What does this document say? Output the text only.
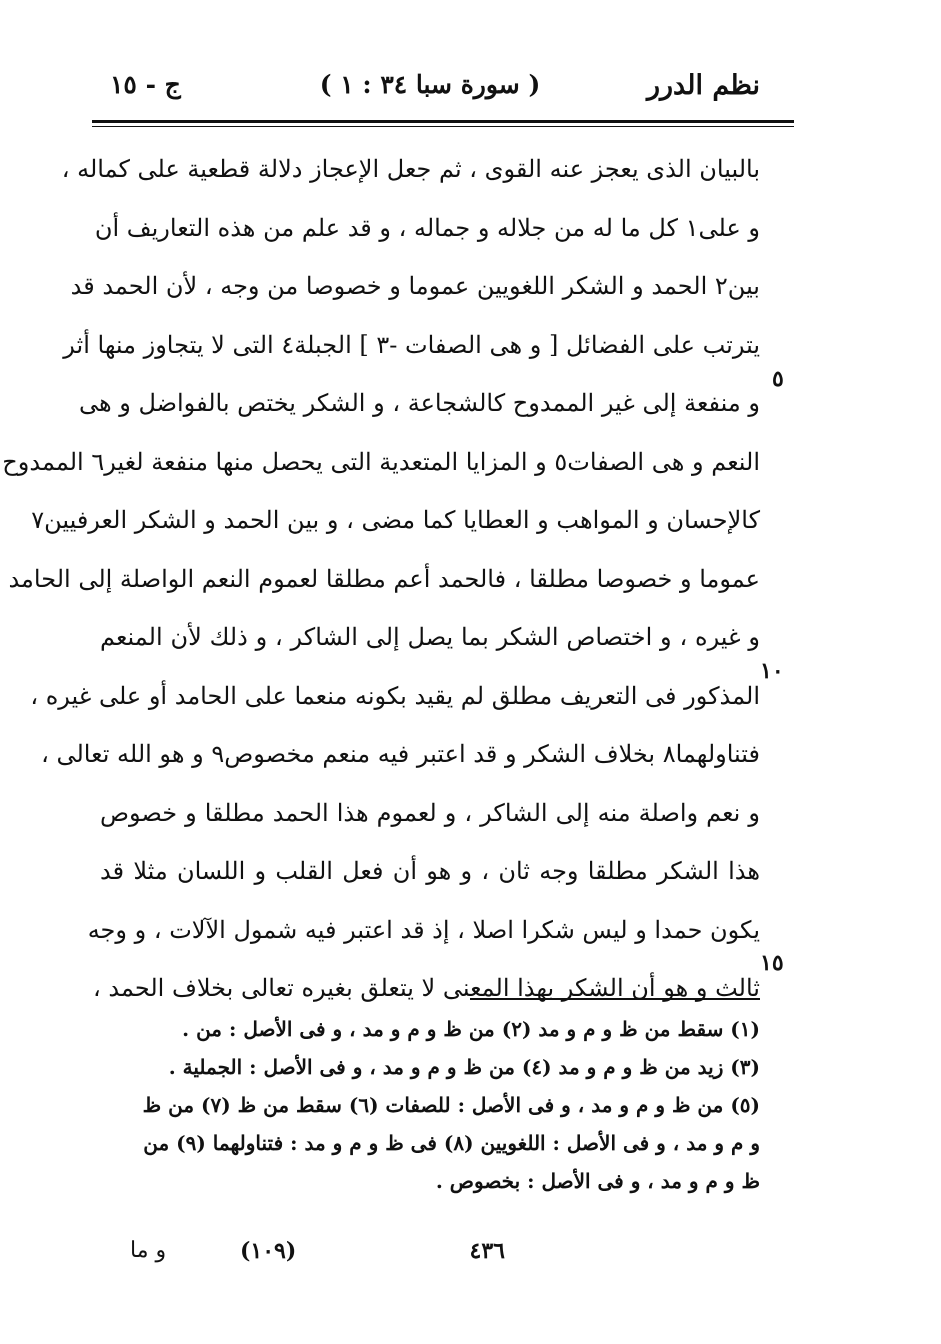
نظم الدرر
( سورة سبا ٣٤ : ١ )
ج - ١٥
٥
١٠
١٥
بالبيان الذى يعجز عنه القوى ، ثم جعل الإعجاز دلالة قطعية على كماله ،
و على١ كل ما له من جلاله و جماله ، و قد علم من هذه التعاريف أن
بين٢ الحمد و الشكر اللغويين عموما و خصوصا من وجه ، لأن الحمد قد
يترتب على الفضائل [ و هى الصفات -٣ ] الجبلة٤ التى لا يتجاوز منها أثر
و منفعة إلى غير الممدوح كالشجاعة ، و الشكر يختص بالفواضل و هى
النعم و هى الصفات٥ و المزايا المتعدية التى يحصل منها منفعة لغير٦ الممدوح
كالإحسان و المواهب و العطايا كما مضى ، و بين الحمد و الشكر العرفيين٧
عموما و خصوصا مطلقا ، فالحمد أعم مطلقا لعموم النعم الواصلة إلى الحامد
و غيره ، و اختصاص الشكر بما يصل إلى الشاكر ، و ذلك لأن المنعم
المذكور فى التعريف مطلق لم يقيد بكونه منعما على الحامد أو على غيره ،
فتناولهما٨ بخلاف الشكر و قد اعتبر فيه منعم مخصوص٩ و هو الله تعالى ،
و نعم واصلة منه إلى الشاكر ، و لعموم هذا الحمد مطلقا و خصوص
هذا الشكر مطلقا وجه ثان ، و هو أن فعل القلب و اللسان مثلا قد
يكون حمدا و ليس شكرا اصلا ، إذ قد اعتبر فيه شمول الآلات ، و وجه
ثالث و هو أن الشكر بهذا المعنى لا يتعلق بغيره تعالى بخلاف الحمد ،
(١) سقط من ظ و م و مد (٢) من ظ و م و مد ، و فى الأصل : من .
(٣) زيد من ظ و م و مد (٤) من ظ و م و مد ، و فى الأصل : الجملية .
(٥) من ظ و م و مد ، و فى الأصل : للصفات (٦) سقط من ظ (٧) من ظ
و م و مد ، و فى الأصل : اللغويين (٨) فى ظ و م و مد : فتناولهما (٩) من
ظ و م و مد ، و فى الأصل : بخصوص .
٤٣٦
(١٠٩)
و ما
